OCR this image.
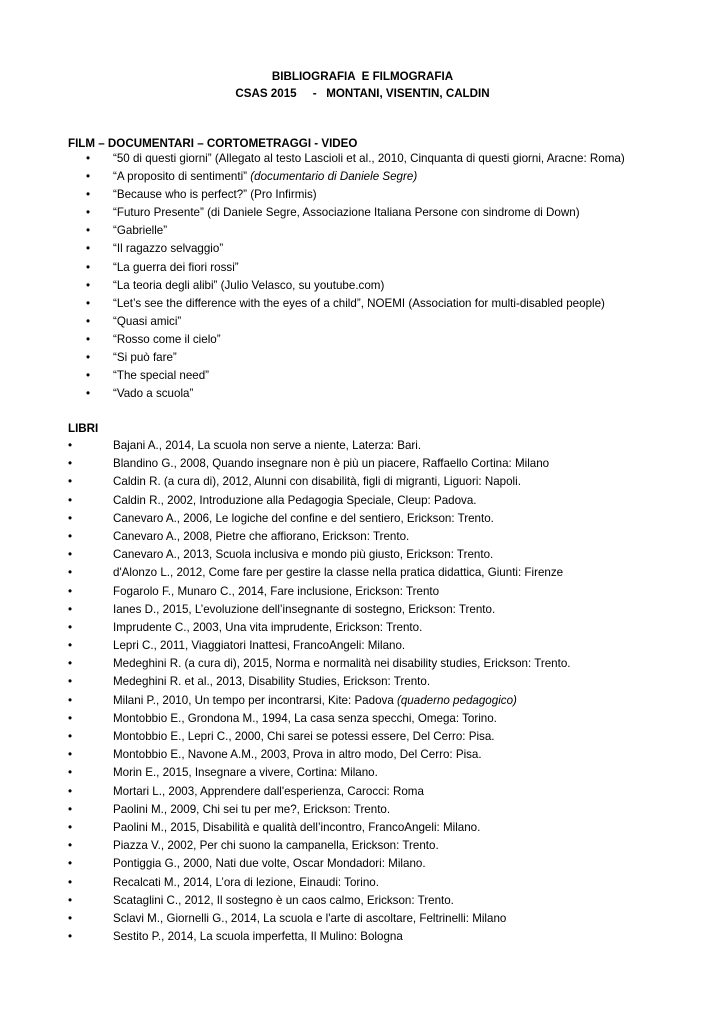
BIBLIOGRAFIA  E FILMOGRAFIA
CSAS 2015     -   MONTANI, VISENTIN, CALDIN
FILM – DOCUMENTARI – CORTOMETRAGGI - VIDEO
• “50 di questi giorni” (Allegato al testo Lascioli et al., 2010, Cinquanta di questi giorni, Aracne: Roma)
• “A proposito di sentimenti” (documentario di Daniele Segre)
• “Because who is perfect?” (Pro Infirmis)
• “Futuro Presente” (di Daniele Segre, Associazione Italiana Persone con sindrome di Down)
• “Gabrielle”
• “Il ragazzo selvaggio”
• “La guerra dei fiori rossi”
• “La teoria degli alibi” (Julio Velasco, su youtube.com)
• “Let’s see the difference with the eyes of a child”, NOEMI (Association for multi-disabled people)
• “Quasi amici”
• “Rosso come il cielo”
• “Si può fare”
• “The special need”
• “Vado a scuola”
LIBRI
•	Bajani A., 2014, La scuola non serve a niente, Laterza: Bari.
•	Blandino G., 2008, Quando insegnare non è più un piacere, Raffaello Cortina: Milano
•	Caldin R. (a cura di), 2012, Alunni con disabilità, figli di migranti, Liguori: Napoli.
•	Caldin R., 2002, Introduzione alla Pedagogia Speciale, Cleup: Padova.
•	Canevaro A., 2006, Le logiche del confine e del sentiero, Erickson: Trento.
•	Canevaro A., 2008, Pietre che affiorano, Erickson: Trento.
•	Canevaro A., 2013, Scuola inclusiva e mondo più giusto, Erickson: Trento.
•	d'Alonzo L., 2012, Come fare per gestire la classe nella pratica didattica, Giunti: Firenze
•	Fogarolo F., Munaro C., 2014, Fare inclusione, Erickson: Trento
•	Ianes D., 2015, L’evoluzione dell’insegnante di sostegno, Erickson: Trento.
•	Imprudente C., 2003, Una vita imprudente, Erickson: Trento.
•	Lepri C., 2011, Viaggiatori Inattesi, FrancoAngeli: Milano.
•	Medeghini R. (a cura di), 2015, Norma e normalità nei disability studies, Erickson: Trento.
•	Medeghini R. et al., 2013, Disability Studies, Erickson: Trento.
•	Milani P., 2010, Un tempo per incontrarsi, Kite: Padova (quaderno pedagogico)
•	Montobbio E., Grondona M., 1994, La casa senza specchi, Omega: Torino.
•	Montobbio E., Lepri C., 2000, Chi sarei se potessi essere, Del Cerro: Pisa.
•	Montobbio E., Navone A.M., 2003, Prova in altro modo, Del Cerro: Pisa.
•	Morin E., 2015, Insegnare a vivere, Cortina: Milano.
•	Mortari L., 2003, Apprendere dall'esperienza, Carocci: Roma
•	Paolini M., 2009, Chi sei tu per me?, Erickson: Trento.
•	Paolini M., 2015, Disabilità e qualità dell’incontro, FrancoAngeli: Milano.
•	Piazza V., 2002, Per chi suono la campanella, Erickson: Trento.
•	Pontiggia G., 2000, Nati due volte, Oscar Mondadori: Milano.
•	Recalcati M., 2014, L’ora di lezione, Einaudi: Torino.
•	Scataglini C., 2012, Il sostegno è un caos calmo, Erickson: Trento.
•	Sclavi M., Giornelli G., 2014, La scuola e l'arte di ascoltare, Feltrinelli: Milano
•	Sestito P., 2014, La scuola imperfetta, Il Mulino: Bologna
